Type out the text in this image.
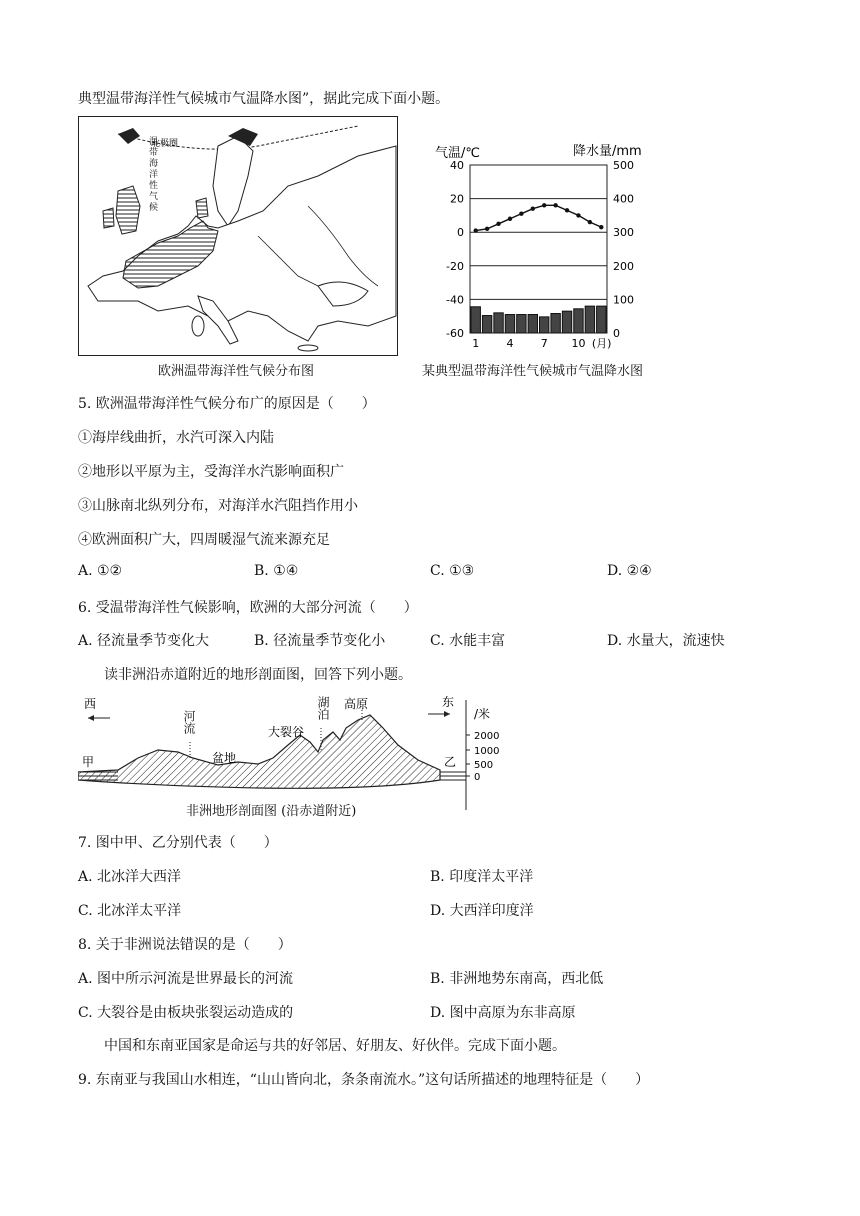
典型温带海洋性气候城市气温降水图”，据此完成下面小题。
北极圈
温带海洋性气候
欧洲温带海洋性气候分布图
气温/℃	降水量/mm
40
20
0
-20
-40
-60
500
400
300
200
100
0
1 4 7 10 (月)
某典型温带海洋性气候城市气温降水图
5. 欧洲温带海洋性气候分布广的原因是（　　）
①海岸线曲折，水汽可深入内陆
②地形以平原为主，受海洋水汽影响面积广
③山脉南北纵列分布，对海洋水汽阻挡作用小
④欧洲面积广大，四周暖湿气流来源充足
A. ①②	B. ①④	C. ①③	D. ②④
6. 受温带海洋性气候影响，欧洲的大部分河流（　　）
A. 径流量季节变化大	B. 径流量季节变化小	C. 水能丰富	D. 水量大，流速快
读非洲沿赤道附近的地形剖面图，回答下列小题。
西	东
甲	乙
盆地
大裂谷
高原
/米
河流
湖泊
2000
1000
500
0
非洲地形剖面图 (沿赤道附近)
7. 图中甲、乙分别代表（　　）
A. 北冰洋大西洋	B. 印度洋太平洋
C. 北冰洋太平洋	D. 大西洋印度洋
8. 关于非洲说法错误的是（　　）
A. 图中所示河流是世界最长的河流	B. 非洲地势东南高，西北低
C. 大裂谷是由板块张裂运动造成的	D. 图中高原为东非高原
中国和东南亚国家是命运与共的好邻居、好朋友、好伙伴。完成下面小题。
9. 东南亚与我国山水相连，“山山皆向北，条条南流水。”这句话所描述的地理特征是（　　）
